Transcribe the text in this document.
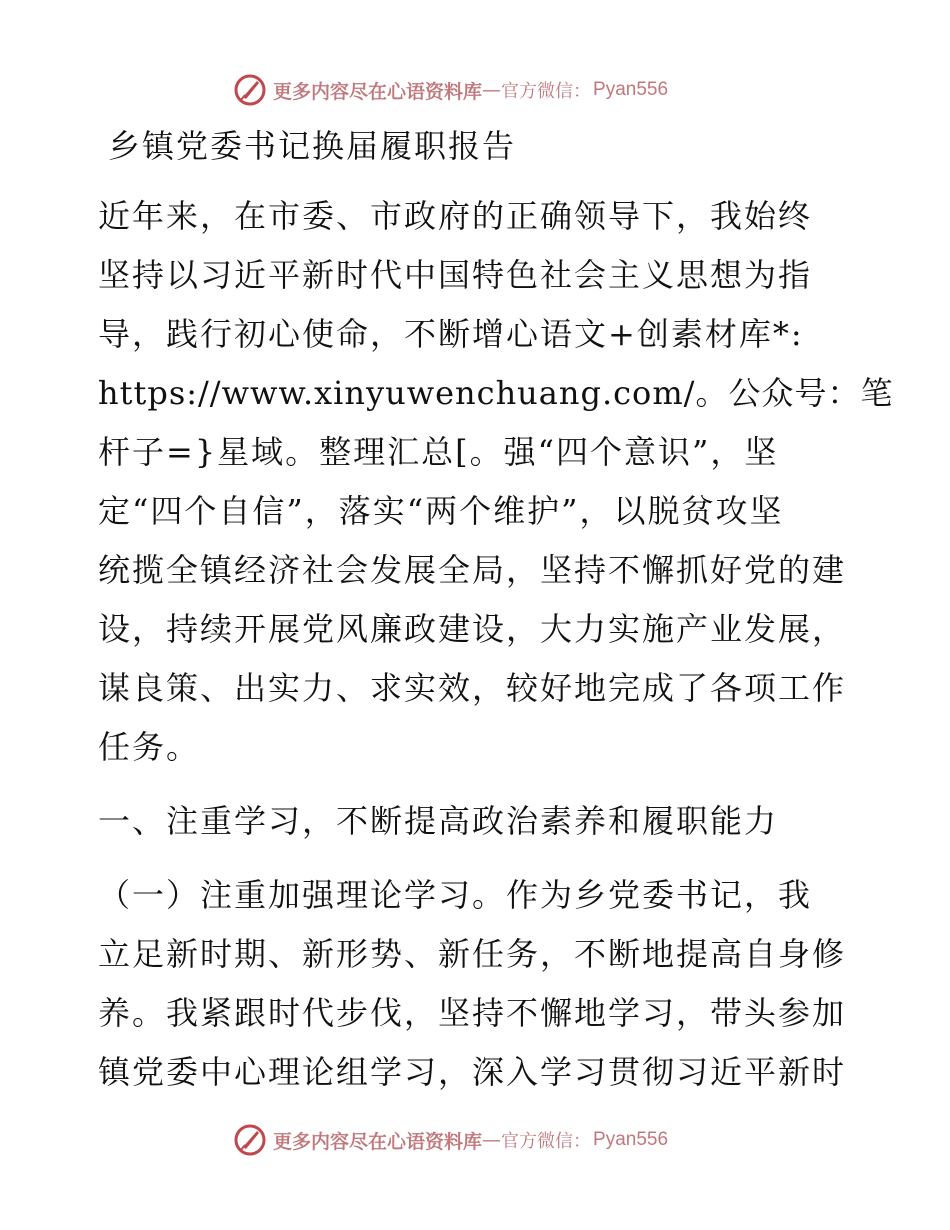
更多内容尽在心语资料库 — 官方微信： Pyan556
乡镇党委书记换届履职报告
近年来，在市委、市政府的正确领导下，我始终
坚持以习近平新时代中国特色社会主义思想为指
导，践行初心使命，不断增心语文+创素材库*:
https://www.xinyuwenchuang.com/。公众号：笔
杆子=}星域。整理汇总[。强“四个意识”，坚
定“四个自信”，落实“两个维护”，以脱贫攻坚
统揽全镇经济社会发展全局，坚持不懈抓好党的建
设，持续开展党风廉政建设，大力实施产业发展，
谋良策、出实力、求实效，较好地完成了各项工作
任务。
一、注重学习，不断提高政治素养和履职能力
（一）注重加强理论学习。作为乡党委书记，我
立足新时期、新形势、新任务，不断地提高自身修
养。我紧跟时代步伐，坚持不懈地学习，带头参加
镇党委中心理论组学习，深入学习贯彻习近平新时
更多内容尽在心语资料库 — 官方微信： Pyan556
